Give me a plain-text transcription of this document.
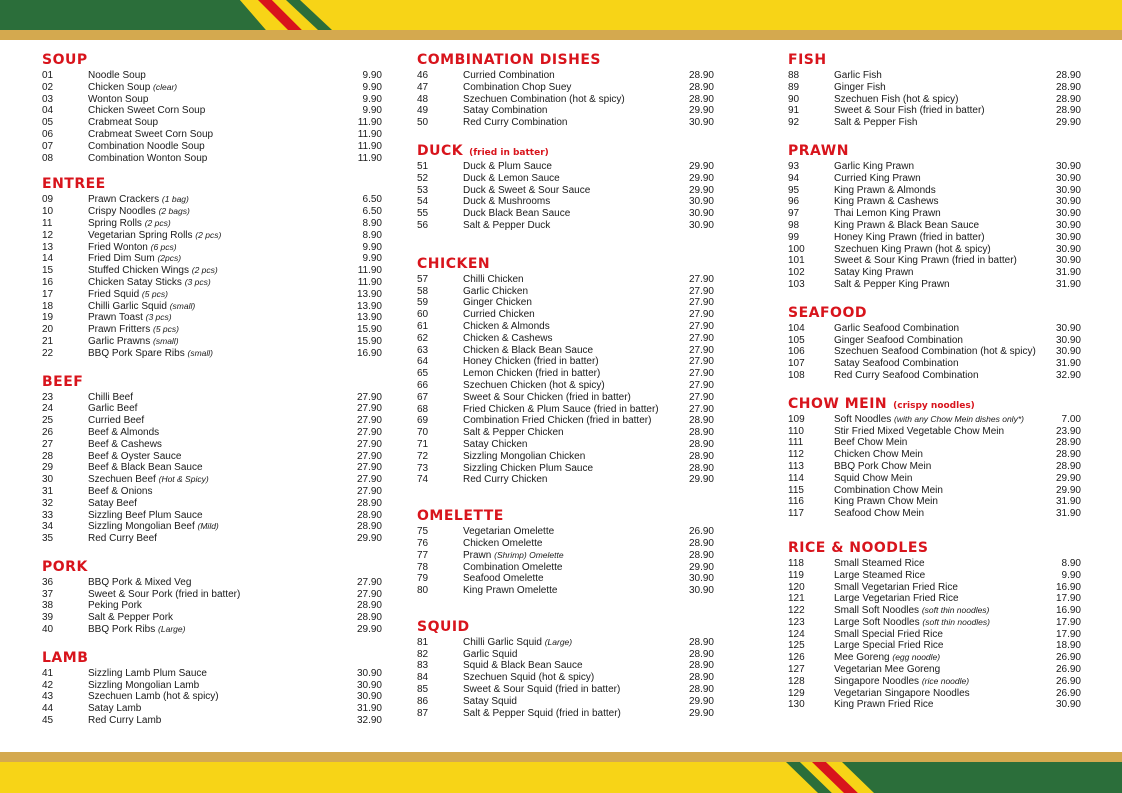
SOUP
01	Noodle Soup	9.90
02	Chicken Soup (clear)	9.90
03	Wonton Soup	9.90
04	Chicken Sweet Corn Soup	9.90
05	Crabmeat Soup	11.90
06	Crabmeat Sweet Corn Soup	11.90
07	Combination Noodle Soup	11.90
08	Combination Wonton Soup	11.90
ENTREE
09	Prawn Crackers (1 bag)	6.50
10	Crispy Noodles (2 bags)	6.50
11	Spring Rolls (2 pcs)	8.90
12	Vegetarian Spring Rolls (2 pcs)	8.90
13	Fried Wonton (6 pcs)	9.90
14	Fried Dim Sum (2pcs)	9.90
15	Stuffed Chicken Wings (2 pcs)	11.90
16	Chicken Satay Sticks (3 pcs)	11.90
17	Fried Squid (5 pcs)	13.90
18	Chilli Garlic Squid (small)	13.90
19	Prawn Toast (3 pcs)	13.90
20	Prawn Fritters (5 pcs)	15.90
21	Garlic Prawns (small)	15.90
22	BBQ Pork Spare Ribs (small)	16.90
BEEF
23	Chilli Beef	27.90
24	Garlic Beef	27.90
25	Curried Beef	27.90
26	Beef & Almonds	27.90
27	Beef & Cashews	27.90
28	Beef & Oyster Sauce	27.90
29	Beef & Black Bean Sauce	27.90
30	Szechuen Beef (Hot & Spicy)	27.90
31	Beef & Onions	27.90
32	Satay Beef	28.90
33	Sizzling Beef Plum Sauce	28.90
34	Sizzling Mongolian Beef (Mild)	28.90
35	Red Curry Beef	29.90
PORK
36	BBQ Pork & Mixed Veg	27.90
37	Sweet & Sour Pork (fried in batter)	27.90
38	Peking Pork	28.90
39	Salt & Pepper Pork	28.90
40	BBQ Pork Ribs (Large)	29.90
LAMB
41	Sizzling Lamb Plum Sauce	30.90
42	Sizzling Mongolian Lamb	30.90
43	Szechuen Lamb (hot & spicy)	30.90
44	Satay Lamb	31.90
45	Red Curry Lamb	32.90
COMBINATION DISHES
46	Curried Combination	28.90
47	Combination Chop Suey	28.90
48	Szechuen Combination (hot & spicy)	28.90
49	Satay Combination	29.90
50	Red Curry Combination	30.90
DUCK (fried in batter)
51	Duck & Plum Sauce	29.90
52	Duck & Lemon Sauce	29.90
53	Duck & Sweet & Sour Sauce	29.90
54	Duck & Mushrooms	30.90
55	Duck Black Bean Sauce	30.90
56	Salt & Pepper Duck	30.90
CHICKEN
57	Chilli Chicken	27.90
58	Garlic Chicken	27.90
59	Ginger Chicken	27.90
60	Curried Chicken	27.90
61	Chicken & Almonds	27.90
62	Chicken & Cashews	27.90
63	Chicken & Black Bean Sauce	27.90
64	Honey Chicken (fried in batter)	27.90
65	Lemon Chicken (fried in batter)	27.90
66	Szechuen Chicken (hot & spicy)	27.90
67	Sweet & Sour Chicken (fried in batter)	27.90
68	Fried Chicken & Plum Sauce (fried in batter)	27.90
69	Combination Fried Chicken (fried in batter)	28.90
70	Salt & Pepper Chicken	28.90
71	Satay Chicken	28.90
72	Sizzling Mongolian Chicken	28.90
73	Sizzling Chicken Plum Sauce	28.90
74	Red Curry Chicken	29.90
OMELETTE
75	Vegetarian Omelette	26.90
76	Chicken Omelette	28.90
77	Prawn (Shrimp) Omelette	28.90
78	Combination Omelette	29.90
79	Seafood Omelette	30.90
80	King Prawn Omelette	30.90
SQUID
81	Chilli Garlic Squid (Large)	28.90
82	Garlic Squid	28.90
83	Squid & Black Bean Sauce	28.90
84	Szechuen Squid (hot & spicy)	28.90
85	Sweet & Sour Squid (fried in batter)	28.90
86	Satay Squid	29.90
87	Salt & Pepper Squid (fried in batter)	29.90
FISH
88	Garlic Fish	28.90
89	Ginger Fish	28.90
90	Szechuen Fish (hot & spicy)	28.90
91	Sweet & Sour Fish (fried in batter)	28.90
92	Salt & Pepper Fish	29.90
PRAWN
93	Garlic King Prawn	30.90
94	Curried King Prawn	30.90
95	King Prawn & Almonds	30.90
96	King Prawn & Cashews	30.90
97	Thai Lemon King Prawn	30.90
98	King Prawn & Black Bean Sauce	30.90
99	Honey King Prawn (fried in batter)	30.90
100	Szechuen King Prawn (hot & spicy)	30.90
101	Sweet & Sour King Prawn (fried in batter)	30.90
102	Satay King Prawn	31.90
103	Salt & Pepper King Prawn	31.90
SEAFOOD
104	Garlic Seafood Combination	30.90
105	Ginger Seafood Combination	30.90
106	Szechuen Seafood Combination (hot & spicy) 30.90
107	Satay Seafood Combination	31.90
108	Red Curry Seafood Combination	32.90
CHOW MEIN (crispy noodles)
109	Soft Noodles (with any Chow Mein dishes only*)	7.00
110	Stir Fried Mixed Vegetable Chow Mein	23.90
111	Beef Chow Mein	28.90
112	Chicken Chow Mein	28.90
113	BBQ Pork Chow Mein	28.90
114	Squid Chow Mein	29.90
115	Combination Chow Mein	29.90
116	King Prawn Chow Mein	31.90
117	Seafood Chow Mein	31.90
RICE & NOODLES
118	Small Steamed Rice	8.90
119	Large Steamed Rice	9.90
120	Small Vegetarian Fried Rice	16.90
121	Large Vegetarian Fried Rice	17.90
122	Small Soft Noodles (soft thin noodles)	16.90
123	Large Soft Noodles (soft thin noodles)	17.90
124	Small Special Fried Rice	17.90
125	Large Special Fried Rice	18.90
126	Mee Goreng (egg noodle)	26.90
127	Vegetarian Mee Goreng	26.90
128	Singapore Noodles (rice noodle)	26.90
129	Vegetarian Singapore Noodles	26.90
130	King Prawn Fried Rice	30.90
